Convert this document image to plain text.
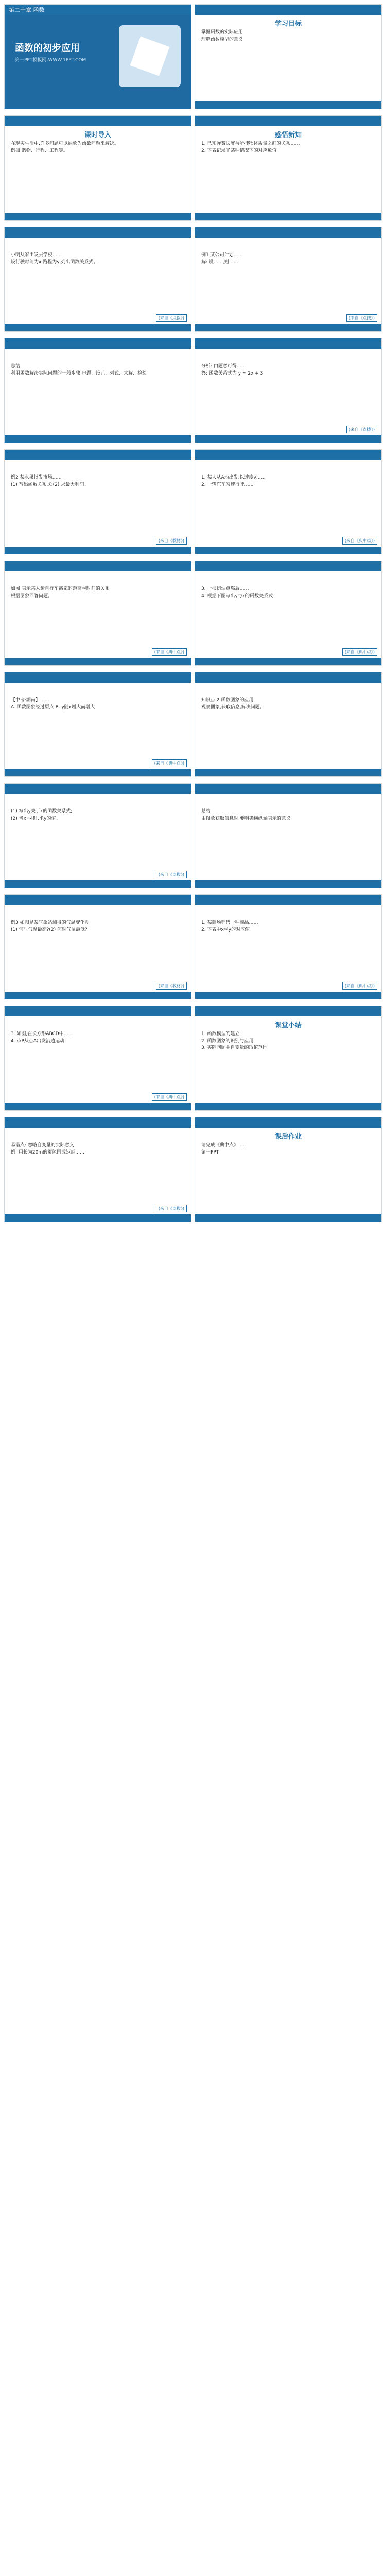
第二十章 函数
函数的初步应用
第一PPT模板网-WWW.1PPT.COM
学习目标
掌握函数的实际应用
理解函数模型的意义
课时导入
在现实生活中,许多问题可以抽象为函数问题来解决。
例如:购物、行程、工程等。
感悟新知
1. 已知弹簧长度与所挂物体质量之间的关系……
2. 下表记录了某种情况下的对应数值
小明从家出发去学校……
设行驶时间为x,路程为y,列出函数关系式。
(来自《点拨》)
例1 某公司计划……
解: 设……,则……
(来自《点拨》)
总结
利用函数解决实际问题的一般步骤:审题、设元、列式、求解、检验。
分析: 由题意可得……
答: 函数关系式为 y = 2x + 3
(来自《点拨》)
例2 某水果批发市场……
(1) 写出函数关系式;(2) 求最大利润。
(来自《教材》)
1. 某人从A地出发,以速度v……
2. 一辆汽车匀速行驶……
(来自《典中点》)
如图,表示某人骑自行车离家的距离与时间的关系。
根据图象回答问题。
(来自《典中点》)
3. 一根蜡烛点燃后……
4. 根据下图写出y与x的函数关系式
(来自《典中点》)
【中考·湖南】……
A. 函数图象经过原点 B. y随x增大而增大
(来自《典中点》)
知识点 2 函数图象的应用
观察图象,获取信息,解决问题。
(1) 写出y关于x的函数关系式;
(2) 当x=4时,求y的值。
(来自《点拨》)
总结
由图象获取信息时,要明确横纵轴表示的意义。
例3 如图是某气象站测得的气温变化图
(1) 何时气温最高?(2) 何时气温最低?
(来自《教材》)
1. 某商场销售一种商品……
2. 下表中x与y的对应值
(来自《典中点》)
3. 如图,在长方形ABCD中……
4. 点P从点A出发沿边运动
(来自《典中点》)
课堂小结
1. 函数模型的建立
2. 函数图象的识别与应用
3. 实际问题中自变量的取值范围
易错点: 忽略自变量的实际意义
例: 用长为20m的篱笆围成矩形……
(来自《点拨》)
课后作业
请完成《典中点》……
第一PPT
